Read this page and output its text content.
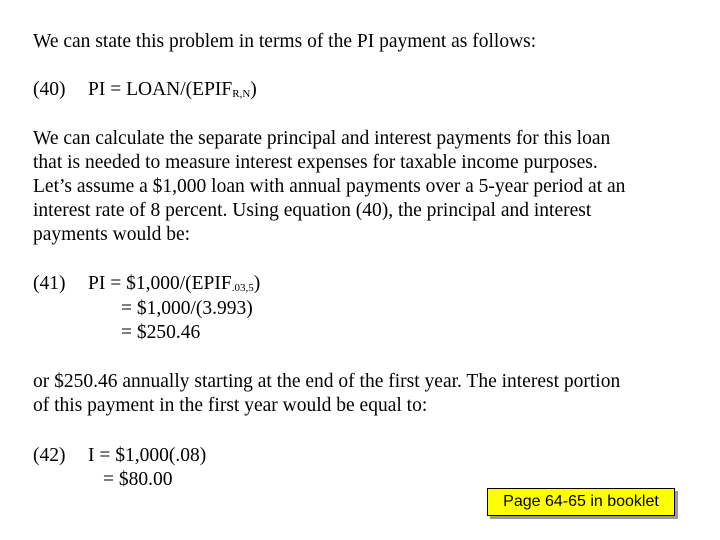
We can state this problem in terms of the PI payment as follows:

(40) PI = LOAN/$(EPIF_{R,N})$

We can calculate the separate principal and interest payments for this loan

that is needed to measure interest expenses for taxable income purposes.

Let’s assume a $1,000 loan with annual payments over a 5-year period at an

interest rate of 8 percent. Using equation (40), the principal and interest

payments would be:

(41) PI = $\$1,000/(EPIF_{.03,5})$
= $1,000/(3.993)
= $250.46

or $250.46 annually starting at the end of the first year. The interest portion

of this payment in the first year would be equal to:

(42) I = $1,000(.08)
= $80.00
Page 64-65 in booklet
